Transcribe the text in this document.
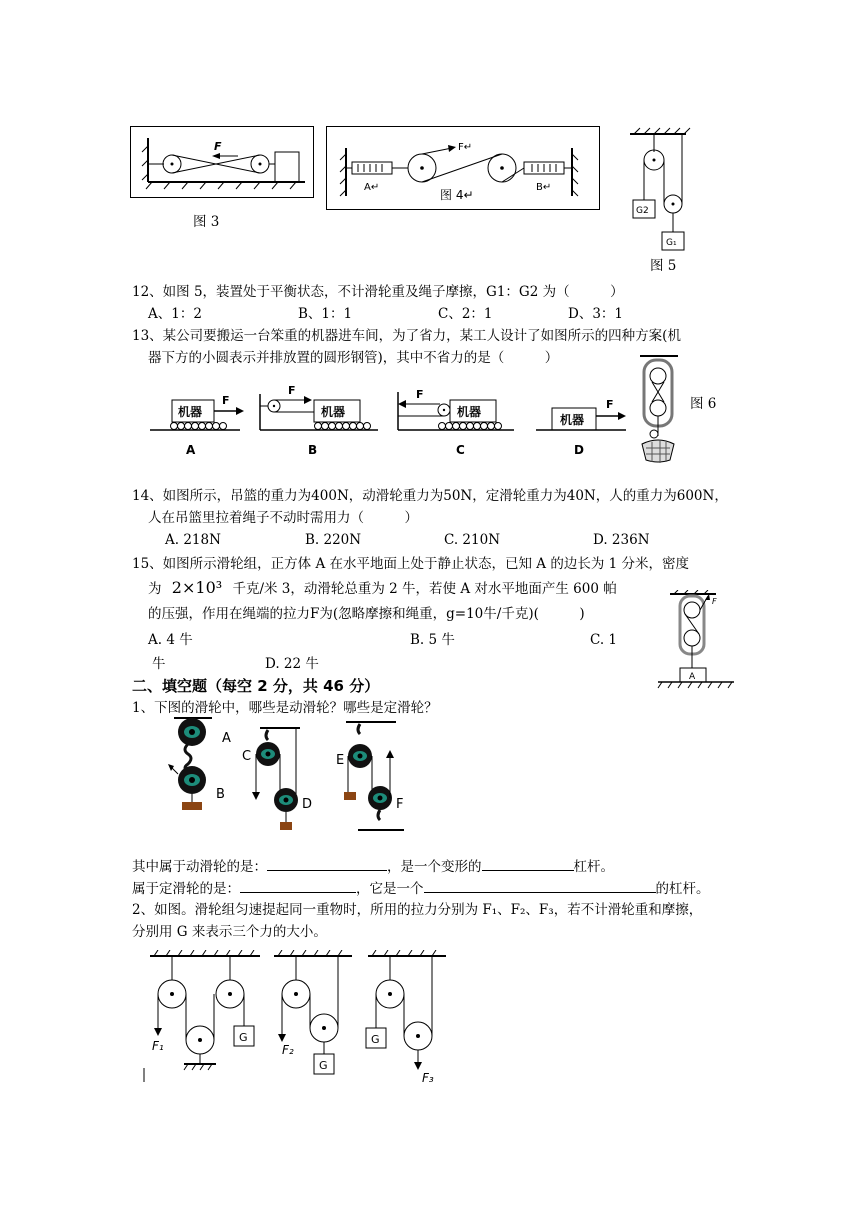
F
图 3
F↵
A↵	B↵
图 4↵
G2
G₁
图 5
12、如图 5，装置处于平衡状态，不计滑轮重及绳子摩擦，G1：G2 为（　　　）
A、1：2	B、1：1	C、2：1	D、3：1
13、某公司要搬运一台笨重的机器进车间，为了省力，某工人设计了如图所示的四种方案(机
器下方的小圆表示并排放置的圆形钢管)，其中不省力的是（　　　）
机器
F
A
F
机器
B
F
机器
C
机器
F
D
图 6
14、如图所示，吊篮的重力为400N，动滑轮重力为50N，定滑轮重力为40N，人的重力为600N，
人在吊篮里拉着绳子不动时需用力（　　　）
A. 218N	B. 220N	C. 210N	D. 236N
15、如图所示滑轮组，正方体 A 在水平地面上处于静止状态，已知 A 的边长为 1 分米，密度
为 2×10³ 千克/米 3，动滑轮总重为 2 牛，若使 A 对水平地面产生 600 帕
的压强，作用在绳端的拉力F为(忽略摩擦和绳重，g=10牛/千克)(　　　)
A. 4 牛	B. 5 牛	C. 1
牛	D. 22 牛
F
A
二、填空题（每空 2 分，共 46 分）
1、下图的滑轮中，哪些是动滑轮？哪些是定滑轮？
A
B
C
D
E
F
其中属于动滑轮的是：	，是一个变形的	杠杆。
属于定滑轮的是：	，它是一个	的杠杆。
2、如图。滑轮组匀速提起同一重物时，所用的拉力分别为 F₁、F₂、F₃，若不计滑轮重和摩擦，
分别用 G 来表示三个力的大小。
G
F₁
G
F₂
G
F₃
